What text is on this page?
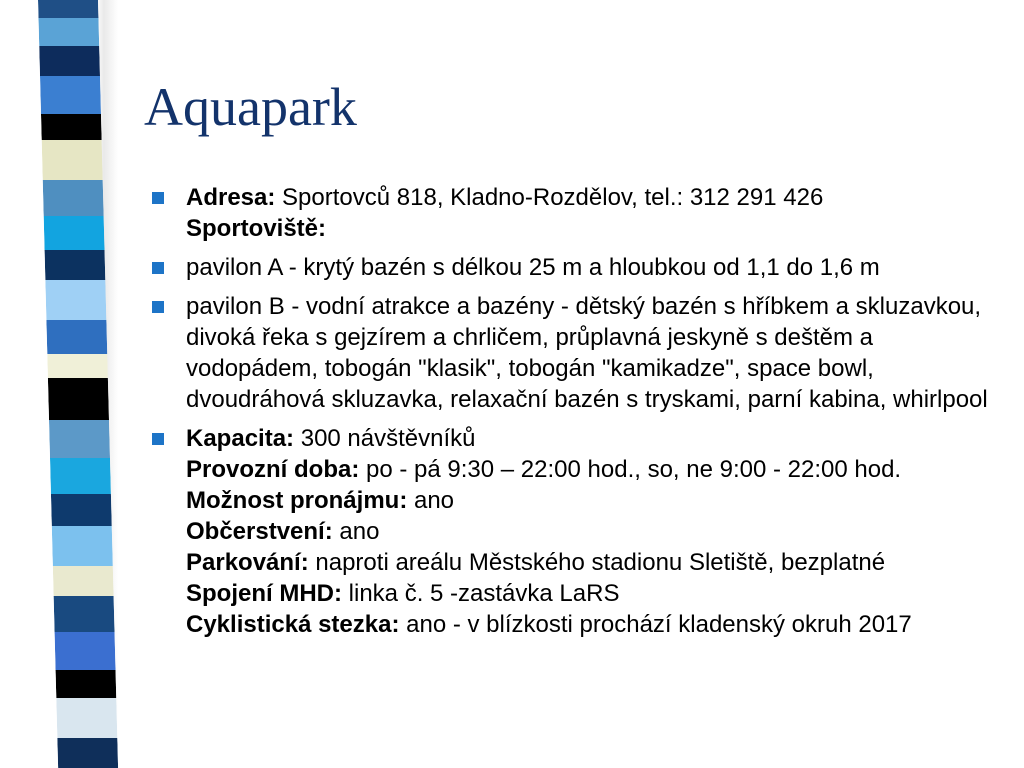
Aquapark
Adresa: Sportovců 818, Kladno-Rozdělov, tel.: 312 291 426
Sportoviště:
pavilon A - krytý bazén s délkou 25 m a hloubkou od 1,1 do 1,6 m
pavilon B - vodní atrakce a bazény - dětský bazén s hříbkem a skluzavkou, divoká řeka s gejzírem a chrličem, průplavná jeskyně s deštěm a vodopádem, tobogán "klasik", tobogán "kamikadze", space bowl, dvoudráhová skluzavka, relaxační bazén s tryskami, parní kabina, whirlpool
Kapacita: 300 návštěvníků
Provozní doba: po - pá 9:30 – 22:00 hod., so, ne 9:00 - 22:00 hod.
Možnost pronájmu: ano
Občerstvení: ano
Parkování: naproti areálu Městského stadionu Sletiště, bezplatné
Spojení MHD: linka č. 5 -zastávka LaRS
Cyklistická stezka: ano - v blízkosti prochází kladenský okruh 2017
